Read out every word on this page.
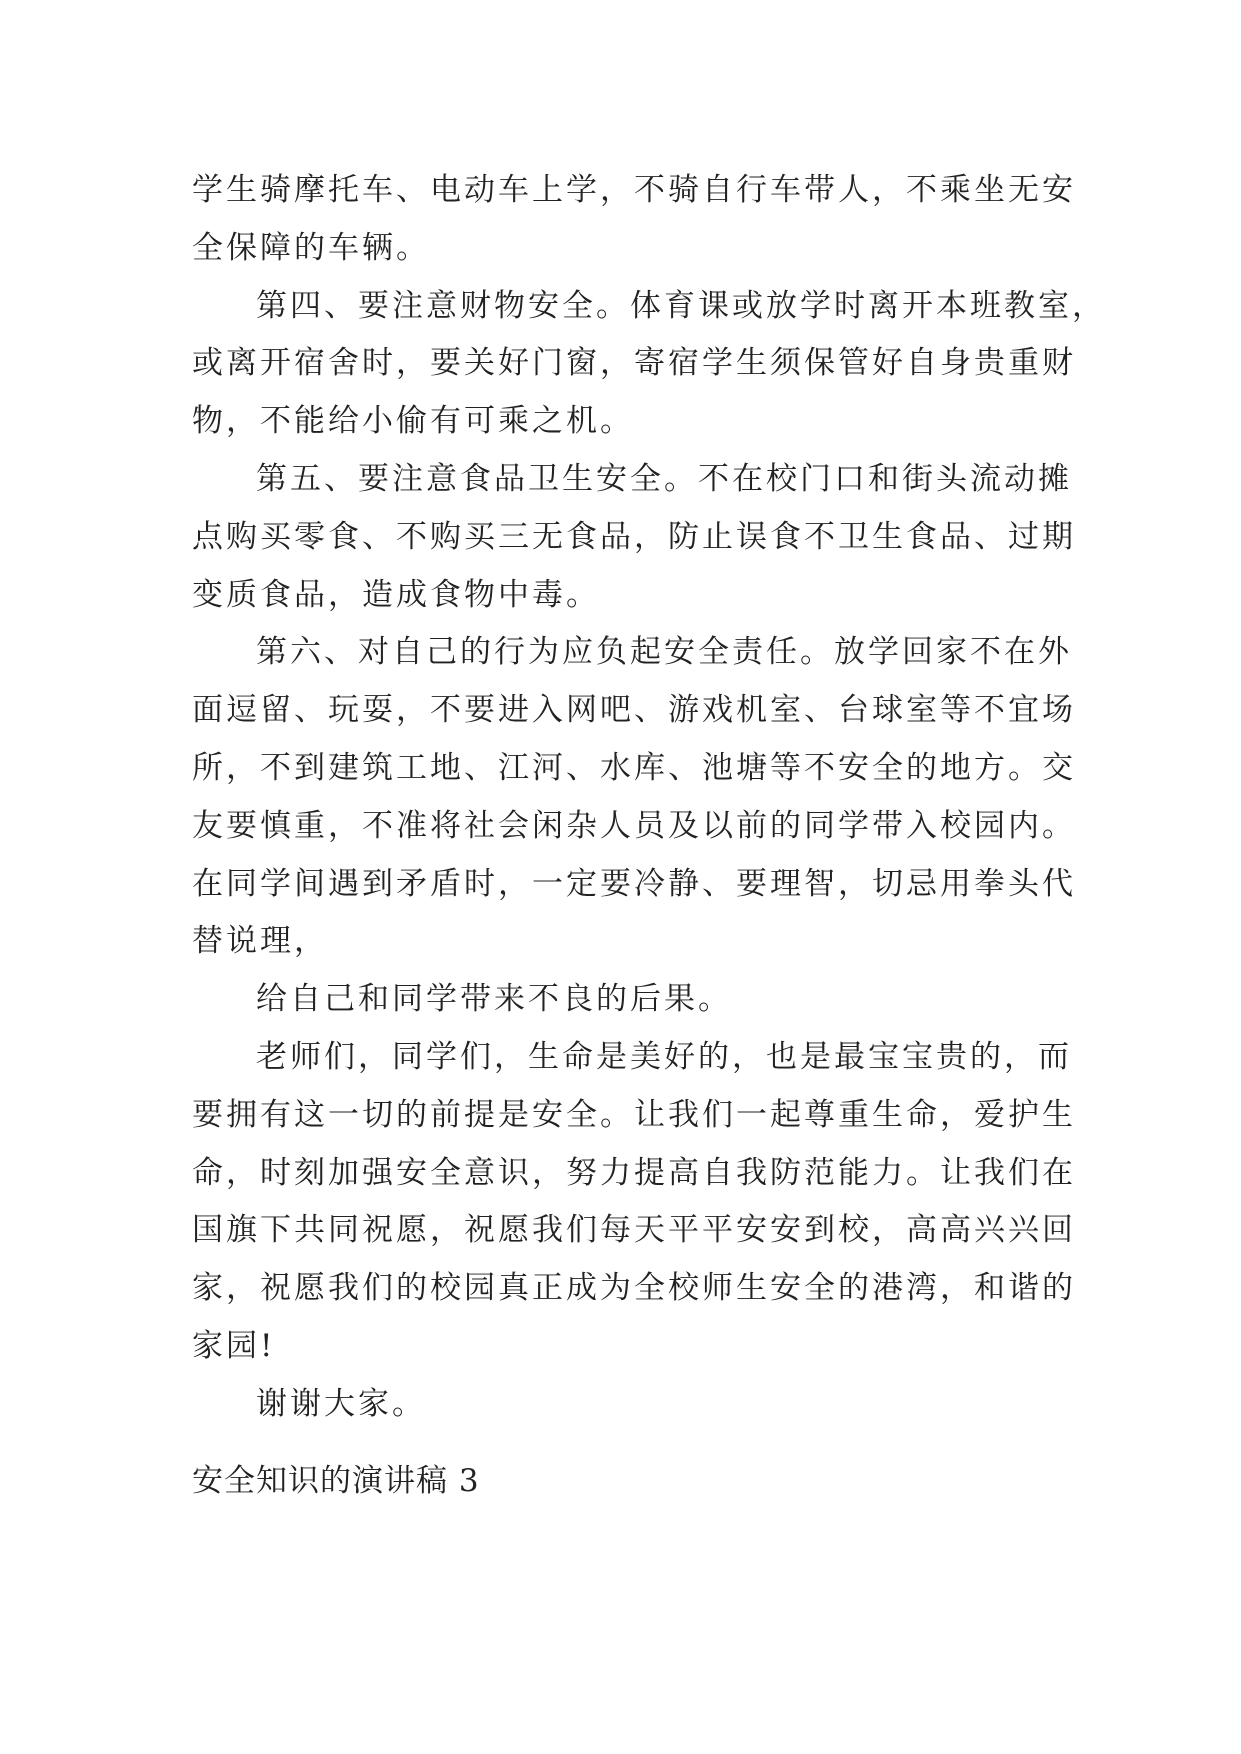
学生骑摩托车、电动车上学，不骑自行车带人，不乘坐无安
全保障的车辆。
第四、要注意财物安全。体育课或放学时离开本班教室，
或离开宿舍时，要关好门窗，寄宿学生须保管好自身贵重财
物，不能给小偷有可乘之机。
第五、要注意食品卫生安全。不在校门口和街头流动摊
点购买零食、不购买三无食品，防止误食不卫生食品、过期
变质食品，造成食物中毒。
第六、对自己的行为应负起安全责任。放学回家不在外
面逗留、玩耍，不要进入网吧、游戏机室、台球室等不宜场
所，不到建筑工地、江河、水库、池塘等不安全的地方。交
友要慎重，不准将社会闲杂人员及以前的同学带入校园内。
在同学间遇到矛盾时，一定要冷静、要理智，切忌用拳头代
替说理，
给自己和同学带来不良的后果。
老师们，同学们，生命是美好的，也是最宝宝贵的，而
要拥有这一切的前提是安全。让我们一起尊重生命，爱护生
命，时刻加强安全意识，努力提高自我防范能力。让我们在
国旗下共同祝愿，祝愿我们每天平平安安到校，高高兴兴回
家，祝愿我们的校园真正成为全校师生安全的港湾，和谐的
家园!
谢谢大家。
安全知识的演讲稿 3
